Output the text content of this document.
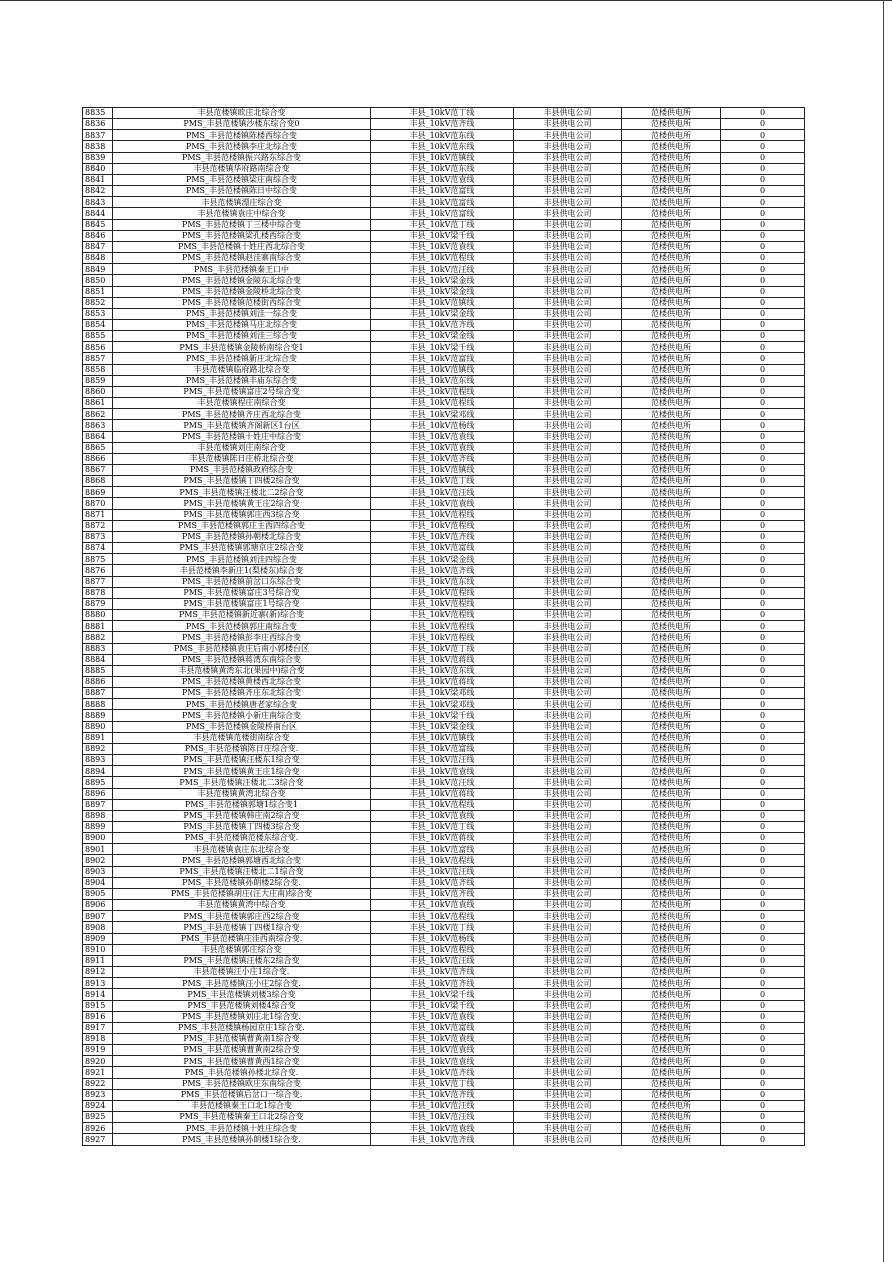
8835	丰县范楼镇欧庄北综合变	丰县_10kV范丁线	丰县供电公司	范楼供电所	0
8836	PMS_丰县范楼镇沙楼东综合变0	丰县_10kV范齐线	丰县供电公司	范楼供电所	0
8837	PMS_丰县范楼镇陈楼西综合变	丰县_10kV范东线	丰县供电公司	范楼供电所	0
8838	PMS_丰县范楼镇李庄北综合变	丰县_10kV范东线	丰县供电公司	范楼供电所	0
8839	PMS_丰县范楼镇振兴路东综合变	丰县_10kV范镇线	丰县供电公司	范楼供电所	0
8840	丰县范楼镇华府路南综合变	丰县_10kV范东线	丰县供电公司	范楼供电所	0
8841	PMS_丰县范楼镇梁庄南综合变	丰县_10kV范袁线	丰县供电公司	范楼供电所	0
8842	PMS_丰县范楼镇陈日中综合变	丰县_10kV范富线	丰县供电公司	范楼供电所	0
8843	丰县范楼镇漂庄综合变	丰县_10kV范富线	丰县供电公司	范楼供电所	0
8844	丰县范楼镇袁庄中综合变	丰县_10kV范富线	丰县供电公司	范楼供电所	0
8845	PMS_丰县范楼镇丁三楼中综合变	丰县_10kV范丁线	丰县供电公司	范楼供电所	0
8846	PMS_丰县范楼镇梁孔楼西综合变	丰县_10kV梁千线	丰县供电公司	范楼供电所	0
8847	PMS_丰县范楼镇十姓庄西北综合变	丰县_10kV范袁线	丰县供电公司	范楼供电所	0
8848	PMS_丰县范楼镇赵洼寨南综合变	丰县_10kV范程线	丰县供电公司	范楼供电所	0
8849	PMS_丰县范楼镇秦王口中	丰县_10kV范汪线	丰县供电公司	范楼供电所	0
8850	PMS_丰县范楼镇金陵东北综合变	丰县_10kV梁金线	丰县供电公司	范楼供电所	0
8851	PMS_丰县范楼镇金陵桥北综合变	丰县_10kV梁金线	丰县供电公司	范楼供电所	0
8852	PMS_丰县范楼镇范楼街西综合变	丰县_10kV范镇线	丰县供电公司	范楼供电所	0
8853	PMS_丰县范楼镇刘洼一综合变	丰县_10kV梁金线	丰县供电公司	范楼供电所	0
8854	PMS_丰县范楼镇马庄北综合变	丰县_10kV范齐线	丰县供电公司	范楼供电所	0
8855	PMS_丰县范楼镇刘洼三综合变	丰县_10kV梁金线	丰县供电公司	范楼供电所	0
8856	PMS_丰县范楼镇金陵桥南综合变1	丰县_10kV梁千线	丰县供电公司	范楼供电所	0
8857	PMS_丰县范楼镇新庄北综合变	丰县_10kV范富线	丰县供电公司	范楼供电所	0
8858	丰县范楼镇临府路北综合变	丰县_10kV范镇线	丰县供电公司	范楼供电所	0
8859	PMS_丰县范楼镇丰庙东综合变	丰县_10kV范东线	丰县供电公司	范楼供电所	0
8860	PMS_丰县范楼镇富庄2号综合变	丰县_10kV范程线	丰县供电公司	范楼供电所	0
8861	丰县范楼镇程庄南综合变	丰县_10kV范程线	丰县供电公司	范楼供电所	0
8862	PMS_丰县范楼镇齐庄西北综合变	丰县_10kV梁邓线	丰县供电公司	范楼供电所	0
8863	PMS_丰县范楼镇齐阁新区1台区	丰县_10kV范杨线	丰县供电公司	范楼供电所	0
8864	PMS_丰县范楼镇十姓庄中综合变	丰县_10kV范袁线	丰县供电公司	范楼供电所	0
8865	丰县范楼镇刘庄南综合变	丰县_10kV范袁线	丰县供电公司	范楼供电所	0
8866	丰县范楼镇陈日庄桥北综合变	丰县_10kV范齐线	丰县供电公司	范楼供电所	0
8867	PMS_丰县范楼镇政府综合变	丰县_10kV范镇线	丰县供电公司	范楼供电所	0
8868	PMS_丰县范楼镇丁四楼2综合变	丰县_10kV范丁线	丰县供电公司	范楼供电所	0
8869	PMS_丰县范楼镇汪楼北二2综合变	丰县_10kV范汪线	丰县供电公司	范楼供电所	0
8870	PMS_丰县范楼镇黄王庄2综合变	丰县_10kV范袁线	丰县供电公司	范楼供电所	0
8871	PMS_丰县范楼镇郭庄西3综合变	丰县_10kV范程线	丰县供电公司	范楼供电所	0
8872	PMS_丰县范楼镇郭庄主西四综合变	丰县_10kV范程线	丰县供电公司	范楼供电所	0
8873	PMS_丰县范楼镇孙朝楼北综合变	丰县_10kV范齐线	丰县供电公司	范楼供电所	0
8874	PMS_丰县范楼镇郭塘京庄2综合变	丰县_10kV范富线	丰县供电公司	范楼供电所	0
8875	PMS_丰县范楼镇刘洼四综合变	丰县_10kV梁金线	丰县供电公司	范楼供电所	0
8876	丰县范楼镇李新庄1(梨楼东)综合变	丰县_10kV范齐线	丰县供电公司	范楼供电所	0
8877	PMS_丰县范楼镇前岔口东综合变	丰县_10kV范东线	丰县供电公司	范楼供电所	0
8878	PMS_丰县范楼镇富庄3号综合变	丰县_10kV范程线	丰县供电公司	范楼供电所	0
8879	PMS_丰县范楼镇富庄1号综合变	丰县_10kV范程线	丰县供电公司	范楼供电所	0
8880	PMS_丰县范楼镇新近寨(新)综合变	丰县_10kV范程线	丰县供电公司	范楼供电所	0
8881	PMS_丰县范楼镇郭庄南综合变	丰县_10kV范程线	丰县供电公司	范楼供电所	0
8882	PMS_丰县范楼镇彭李庄西综合变	丰县_10kV范程线	丰县供电公司	范楼供电所	0
8883	PMS_丰县范楼镇袁庄后南小郭楼台区	丰县_10kV范丁线	丰县供电公司	范楼供电所	0
8884	PMS_丰县范楼镇蒋湾东南综合变	丰县_10kV范蒋线	丰县供电公司	范楼供电所	0
8885	丰县范楼镇黄湾东北(果园中)综合变	丰县_10kV范东线	丰县供电公司	范楼供电所	0
8886	PMS_丰县范楼镇黄楼西北综合变	丰县_10kV范蒋线	丰县供电公司	范楼供电所	0
8887	PMS_丰县范楼镇齐庄东北综合变	丰县_10kV梁邓线	丰县供电公司	范楼供电所	0
8888	PMS_丰县范楼镇唐老家综合变	丰县_10kV梁邓线	丰县供电公司	范楼供电所	0
8889	PMS_丰县范楼镇小新庄南综合变	丰县_10kV梁千线	丰县供电公司	范楼供电所	0
8890	PMS_丰县范楼镇金陵桥南台区	丰县_10kV梁金线	丰县供电公司	范楼供电所	0
8891	丰县范楼镇范楼街南综合变	丰县_10kV范镇线	丰县供电公司	范楼供电所	0
8892	PMS_丰县范楼镇陈日庄综合变.	丰县_10kV范富线	丰县供电公司	范楼供电所	0
8893	PMS_丰县范楼镇汪楼东1综合变	丰县_10kV范汪线	丰县供电公司	范楼供电所	0
8894	PMS_丰县范楼镇黄王庄1综合变	丰县_10kV范袁线	丰县供电公司	范楼供电所	0
8895	PMS_丰县范楼镇汪楼北二3综合变	丰县_10kV范汪线	丰县供电公司	范楼供电所	0
8896	丰县范楼镇黄湾北综合变	丰县_10kV范蒋线	丰县供电公司	范楼供电所	0
8897	PMS_丰县范楼镇郭塘1综合变1	丰县_10kV范程线	丰县供电公司	范楼供电所	0
8898	PMS_丰县范楼镇韩庄南2综合变	丰县_10kV范袁线	丰县供电公司	范楼供电所	0
8899	PMS_丰县范楼镇丁四楼3综合变	丰县_10kV范丁线	丰县供电公司	范楼供电所	0
8900	PMS_丰县范楼镇范楼东综合变.	丰县_10kV范蒋线	丰县供电公司	范楼供电所	0
8901	丰县范楼镇袁庄东北综合变	丰县_10kV范富线	丰县供电公司	范楼供电所	0
8902	PMS_丰县范楼镇郭塘西北综合变	丰县_10kV范程线	丰县供电公司	范楼供电所	0
8903	PMS_丰县范楼镇汪楼北二1综合变	丰县_10kV范汪线	丰县供电公司	范楼供电所	0
8904	PMS_丰县范楼镇孙朗楼2综合变.	丰县_10kV范齐线	丰县供电公司	范楼供电所	0
8905	PMS_丰县范楼镇胡庄(汪大庄南)综合变	丰县_10kV范齐线	丰县供电公司	范楼供电所	0
8906	丰县范楼镇黄湾中综合变	丰县_10kV范袁线	丰县供电公司	范楼供电所	0
8907	PMS_丰县范楼镇郭庄西2综合变	丰县_10kV范程线	丰县供电公司	范楼供电所	0
8908	PMS_丰县范楼镇丁四楼1综合变	丰县_10kV范丁线	丰县供电公司	范楼供电所	0
8909	PMS_丰县范楼镇庄洼西南综合变.	丰县_10kV范杨线	丰县供电公司	范楼供电所	0
8910	丰县范楼镇郭庄综合变	丰县_10kV范程线	丰县供电公司	范楼供电所	0
8911	PMS_丰县范楼镇汪楼东2综合变	丰县_10kV范汪线	丰县供电公司	范楼供电所	0
8912	丰县范楼镇汪小庄1综合变.	丰县_10kV范齐线	丰县供电公司	范楼供电所	0
8913	PMS_丰县范楼镇汪小庄2综合变.	丰县_10kV范齐线	丰县供电公司	范楼供电所	0
8914	PMS_丰县范楼镇刘楼3综合变	丰县_10kV梁千线	丰县供电公司	范楼供电所	0
8915	PMS_丰县范楼镇刘楼4综合变	丰县_10kV梁千线	丰县供电公司	范楼供电所	0
8916	PMS_丰县范楼镇刘庄北1综合变.	丰县_10kV范袁线	丰县供电公司	范楼供电所	0
8917	PMS_丰县范楼镇杨园京庄1综合变.	丰县_10kV范富线	丰县供电公司	范楼供电所	0
8918	PMS_丰县范楼镇曹黄南1综合变	丰县_10kV范袁线	丰县供电公司	范楼供电所	0
8919	PMS_丰县范楼镇曹黄南2综合变	丰县_10kV范袁线	丰县供电公司	范楼供电所	0
8920	PMS_丰县范楼镇曹黄西1综合变	丰县_10kV范袁线	丰县供电公司	范楼供电所	0
8921	PMS_丰县范楼镇孙楼北综合变.	丰县_10kV范齐线	丰县供电公司	范楼供电所	0
8922	PMS_丰县范楼镇欧庄东南综合变	丰县_10kV范丁线	丰县供电公司	范楼供电所	0
8923	PMS_丰县范楼镇后岔口一综合变.	丰县_10kV范齐线	丰县供电公司	范楼供电所	0
8924	丰县范楼镇秦王口北1综合变	丰县_10kV范汪线	丰县供电公司	范楼供电所	0
8925	PMS_丰县范楼镇秦王口北2综合变	丰县_10kV范汪线	丰县供电公司	范楼供电所	0
8926	PMS_丰县范楼镇十姓庄综合变	丰县_10kV范袁线	丰县供电公司	范楼供电所	0
8927	PMS_丰县范楼镇孙朗楼1综合变.	丰县_10kV范齐线	丰县供电公司	范楼供电所	0
